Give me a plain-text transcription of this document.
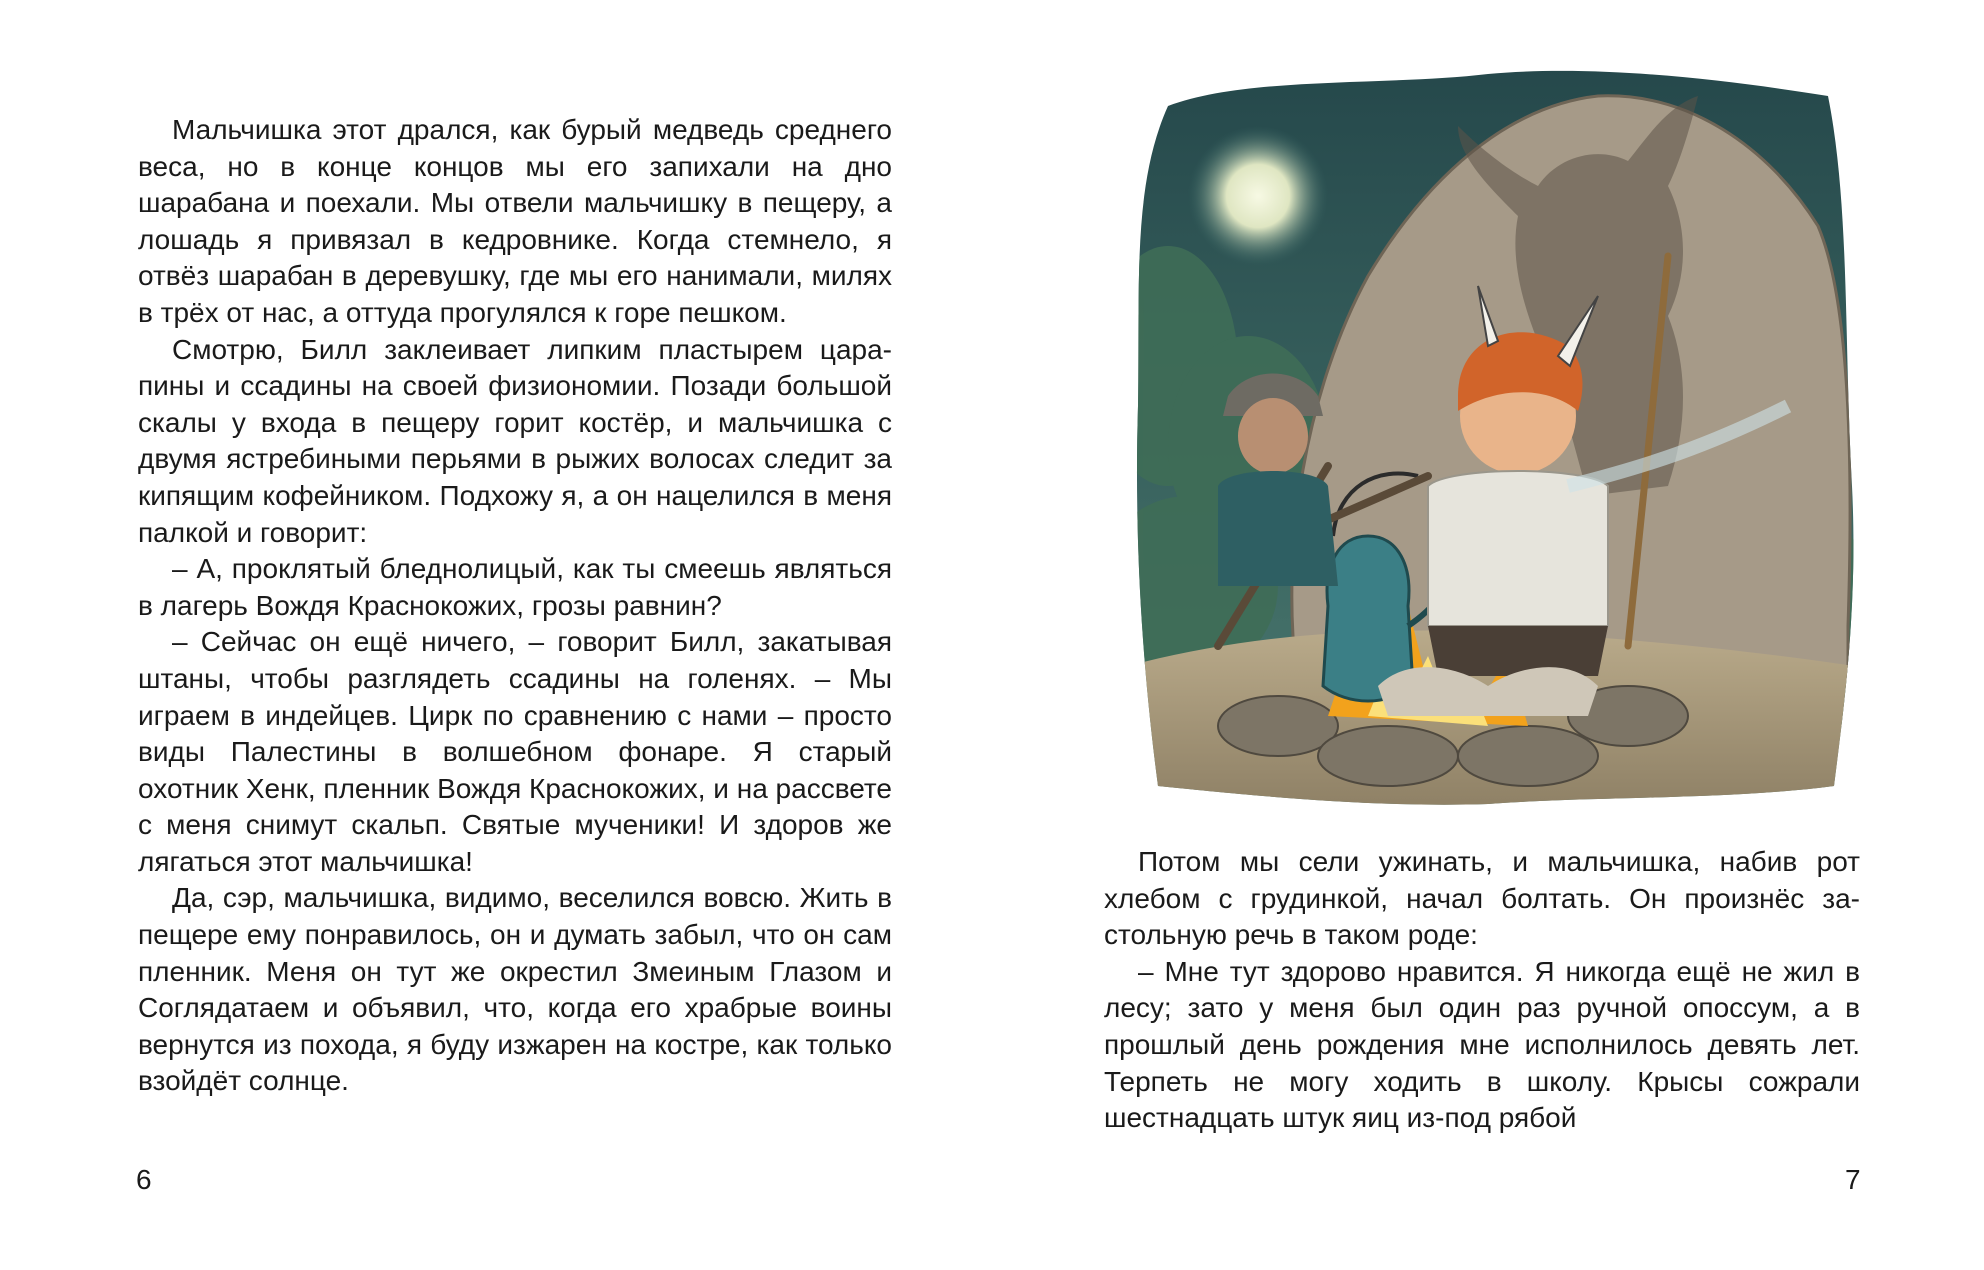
Мальчишка этот дрался, как бурый медведь среднего веса, но в конце концов мы его запихали на дно шарабана и поехали. Мы отвели мальчишку в пещеру, а лошадь я привязал в кедровнике. Когда стемнело, я отвёз шарабан в деревушку, где мы его нанимали, милях в трёх от нас, а оттуда прогулялся к горе пешком.

Смотрю, Билл заклеивает липким пластырем царапины и ссадины на своей физиономии. Позади большой скалы у входа в пещеру горит костёр, и мальчишка с двумя ястребиными перьями в рыжих волосах следит за кипящим кофейником. Подхожу я, а он нацелился в меня палкой и говорит:

– А, проклятый бледнолицый, как ты смеешь являться в лагерь Вождя Краснокожих, грозы равнин?

– Сейчас он ещё ничего, – говорит Билл, закатывая штаны, чтобы разглядеть ссадины на голенях. – Мы играем в индейцев. Цирк по сравнению с нами – просто виды Палестины в волшебном фонаре. Я старый охотник Хенк, пленник Вождя Краснокожих, и на рассвете с меня снимут скальп. Святые мученики! И здоров же лягаться этот мальчишка!

Да, сэр, мальчишка, видимо, веселился вовсю. Жить в пещере ему понравилось, он и думать забыл, что он сам пленник. Меня он тут же окрестил Змеиным Глазом и Соглядатаем и объявил, что, когда его храбрые воины вернутся из похода, я буду изжарен на костре, как только взойдёт солнце.

6

Потом мы сели ужинать, и мальчишка, набив рот хлебом с грудинкой, начал болтать. Он произнёс застольную речь в таком роде:

– Мне тут здорово нравится. Я никогда ещё не жил в лесу; зато у меня был один раз ручной опоссум, а в прошлый день рождения мне исполнилось девять лет. Терпеть не могу ходить в школу. Крысы сожрали шестнадцать штук яиц из-под рябой

7
